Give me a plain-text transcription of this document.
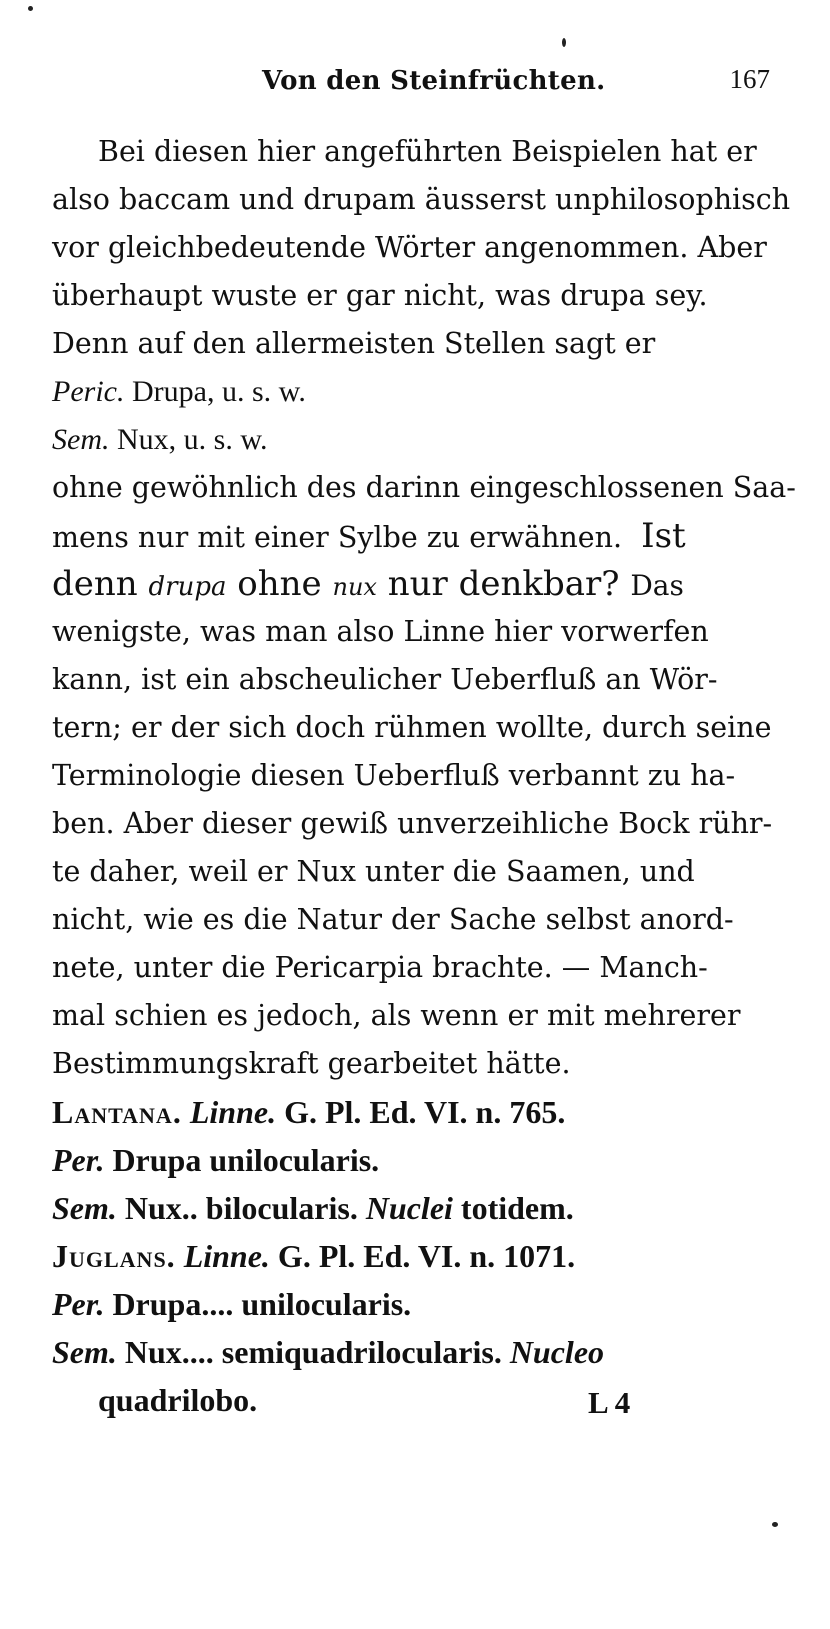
Von den Steinfrüchten.	167
Bei diesen hier angeführten Beispielen hat er
also baccam und drupam äusserst unphilosophisch
vor gleichbedeutende Wörter angenommen. Aber
überhaupt wuste er gar nicht, was drupa sey.
Denn auf den allermeisten Stellen sagt er
Peric. Drupa, u. s. w.
Sem. Nux, u. s. w.
ohne gewöhnlich des darinn eingeschlossenen Saa-
mens nur mit einer Sylbe zu erwähnen. Ist
denn drupa ohne nux nur denkbar? Das
wenigste, was man also Linne hier vorwerfen
kann, ist ein abscheulicher Ueberfluß an Wör-
tern; er der sich doch rühmen wollte, durch seine
Terminologie diesen Ueberfluß verbannt zu ha-
ben. Aber dieser gewiß unverzeihliche Bock rühr-
te daher, weil er Nux unter die Saamen, und
nicht, wie es die Natur der Sache selbst anord-
nete, unter die Pericarpia brachte. — Manch-
mal schien es jedoch, als wenn er mit mehrerer
Bestimmungskraft gearbeitet hätte.
Lantana. Linne. G. Pl. Ed. VI. n. 765.
Per. Drupa unilocularis.
Sem. Nux.. bilocularis. Nuclei totidem.
Juglans. Linne. G. Pl. Ed. VI. n. 1071.
Per. Drupa.... unilocularis.
Sem. Nux.... semiquadrilocularis. Nucleo
quadrilobo.	L 4
